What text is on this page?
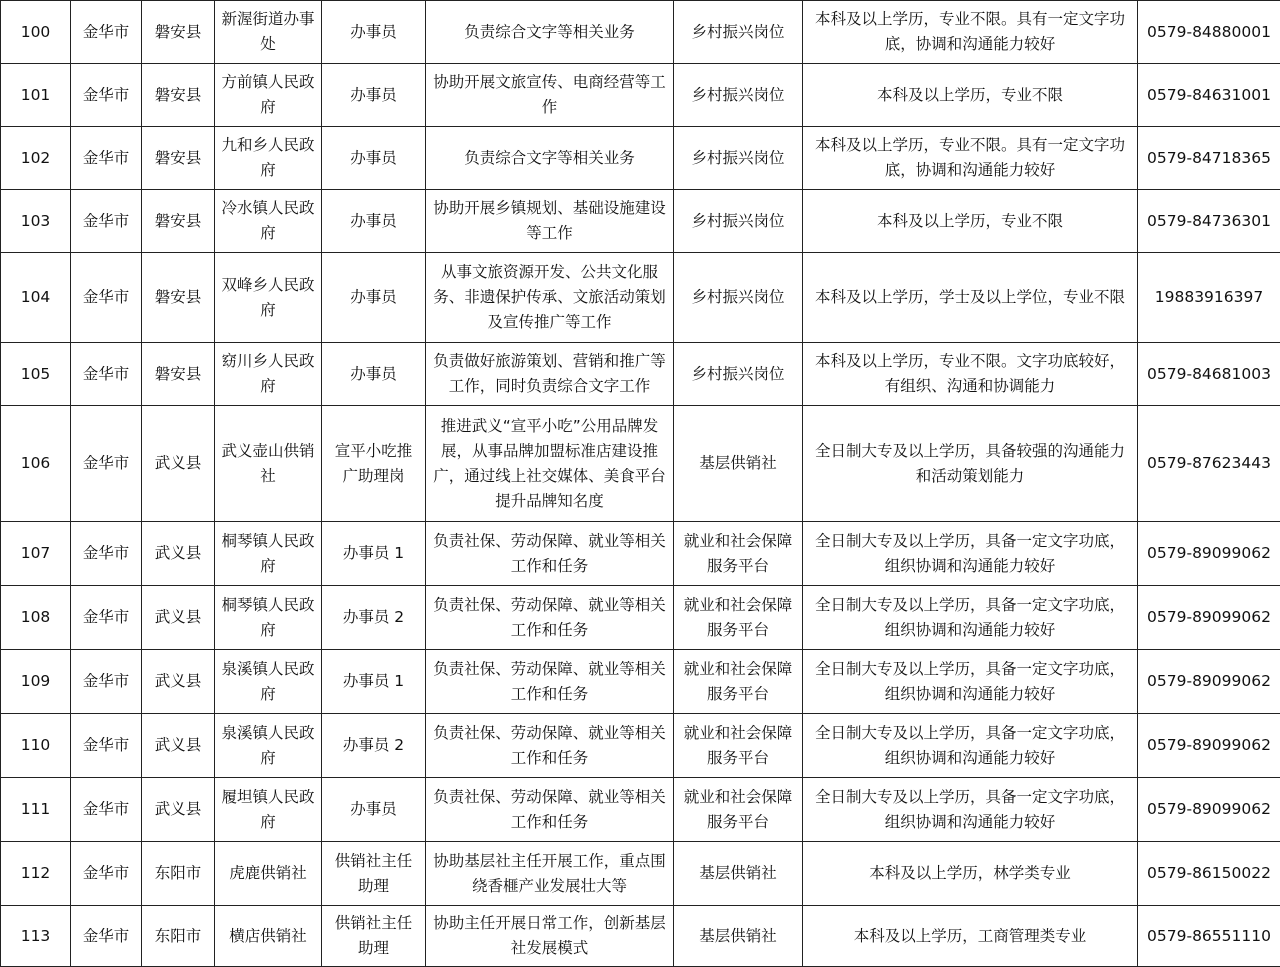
100	金华市	磐安县	新渥街道办事处	办事员	负责综合文字等相关业务	乡村振兴岗位	本科及以上学历，专业不限。具有一定文字功底，协调和沟通能力较好	0579-84880001
101	金华市	磐安县	方前镇人民政府	办事员	协助开展文旅宣传、电商经营等工作	乡村振兴岗位	本科及以上学历，专业不限	0579-84631001
102	金华市	磐安县	九和乡人民政府	办事员	负责综合文字等相关业务	乡村振兴岗位	本科及以上学历，专业不限。具有一定文字功底，协调和沟通能力较好	0579-84718365
103	金华市	磐安县	冷水镇人民政府	办事员	协助开展乡镇规划、基础设施建设等工作	乡村振兴岗位	本科及以上学历，专业不限	0579-84736301
104	金华市	磐安县	双峰乡人民政府	办事员	从事文旅资源开发、公共文化服务、非遗保护传承、文旅活动策划及宣传推广等工作	乡村振兴岗位	本科及以上学历，学士及以上学位，专业不限	19883916397
105	金华市	磐安县	窈川乡人民政府	办事员	负责做好旅游策划、营销和推广等工作，同时负责综合文字工作	乡村振兴岗位	本科及以上学历，专业不限。文字功底较好，有组织、沟通和协调能力	0579-84681003
106	金华市	武义县	武义壶山供销社	宣平小吃推广助理岗	推进武义“宣平小吃”公用品牌发展，从事品牌加盟标准店建设推广，通过线上社交媒体、美食平台提升品牌知名度	基层供销社	全日制大专及以上学历，具备较强的沟通能力和活动策划能力	0579-87623443
107	金华市	武义县	桐琴镇人民政府	办事员 1	负责社保、劳动保障、就业等相关工作和任务	就业和社会保障服务平台	全日制大专及以上学历，具备一定文字功底，组织协调和沟通能力较好	0579-89099062
108	金华市	武义县	桐琴镇人民政府	办事员 2	负责社保、劳动保障、就业等相关工作和任务	就业和社会保障服务平台	全日制大专及以上学历，具备一定文字功底，组织协调和沟通能力较好	0579-89099062
109	金华市	武义县	泉溪镇人民政府	办事员 1	负责社保、劳动保障、就业等相关工作和任务	就业和社会保障服务平台	全日制大专及以上学历，具备一定文字功底，组织协调和沟通能力较好	0579-89099062
110	金华市	武义县	泉溪镇人民政府	办事员 2	负责社保、劳动保障、就业等相关工作和任务	就业和社会保障服务平台	全日制大专及以上学历，具备一定文字功底，组织协调和沟通能力较好	0579-89099062
111	金华市	武义县	履坦镇人民政府	办事员	负责社保、劳动保障、就业等相关工作和任务	就业和社会保障服务平台	全日制大专及以上学历，具备一定文字功底，组织协调和沟通能力较好	0579-89099062
112	金华市	东阳市	虎鹿供销社	供销社主任助理	协助基层社主任开展工作，重点围绕香榧产业发展壮大等	基层供销社	本科及以上学历，林学类专业	0579-86150022
113	金华市	东阳市	横店供销社	供销社主任助理	协助主任开展日常工作，创新基层社发展模式	基层供销社	本科及以上学历，工商管理类专业	0579-86551110
